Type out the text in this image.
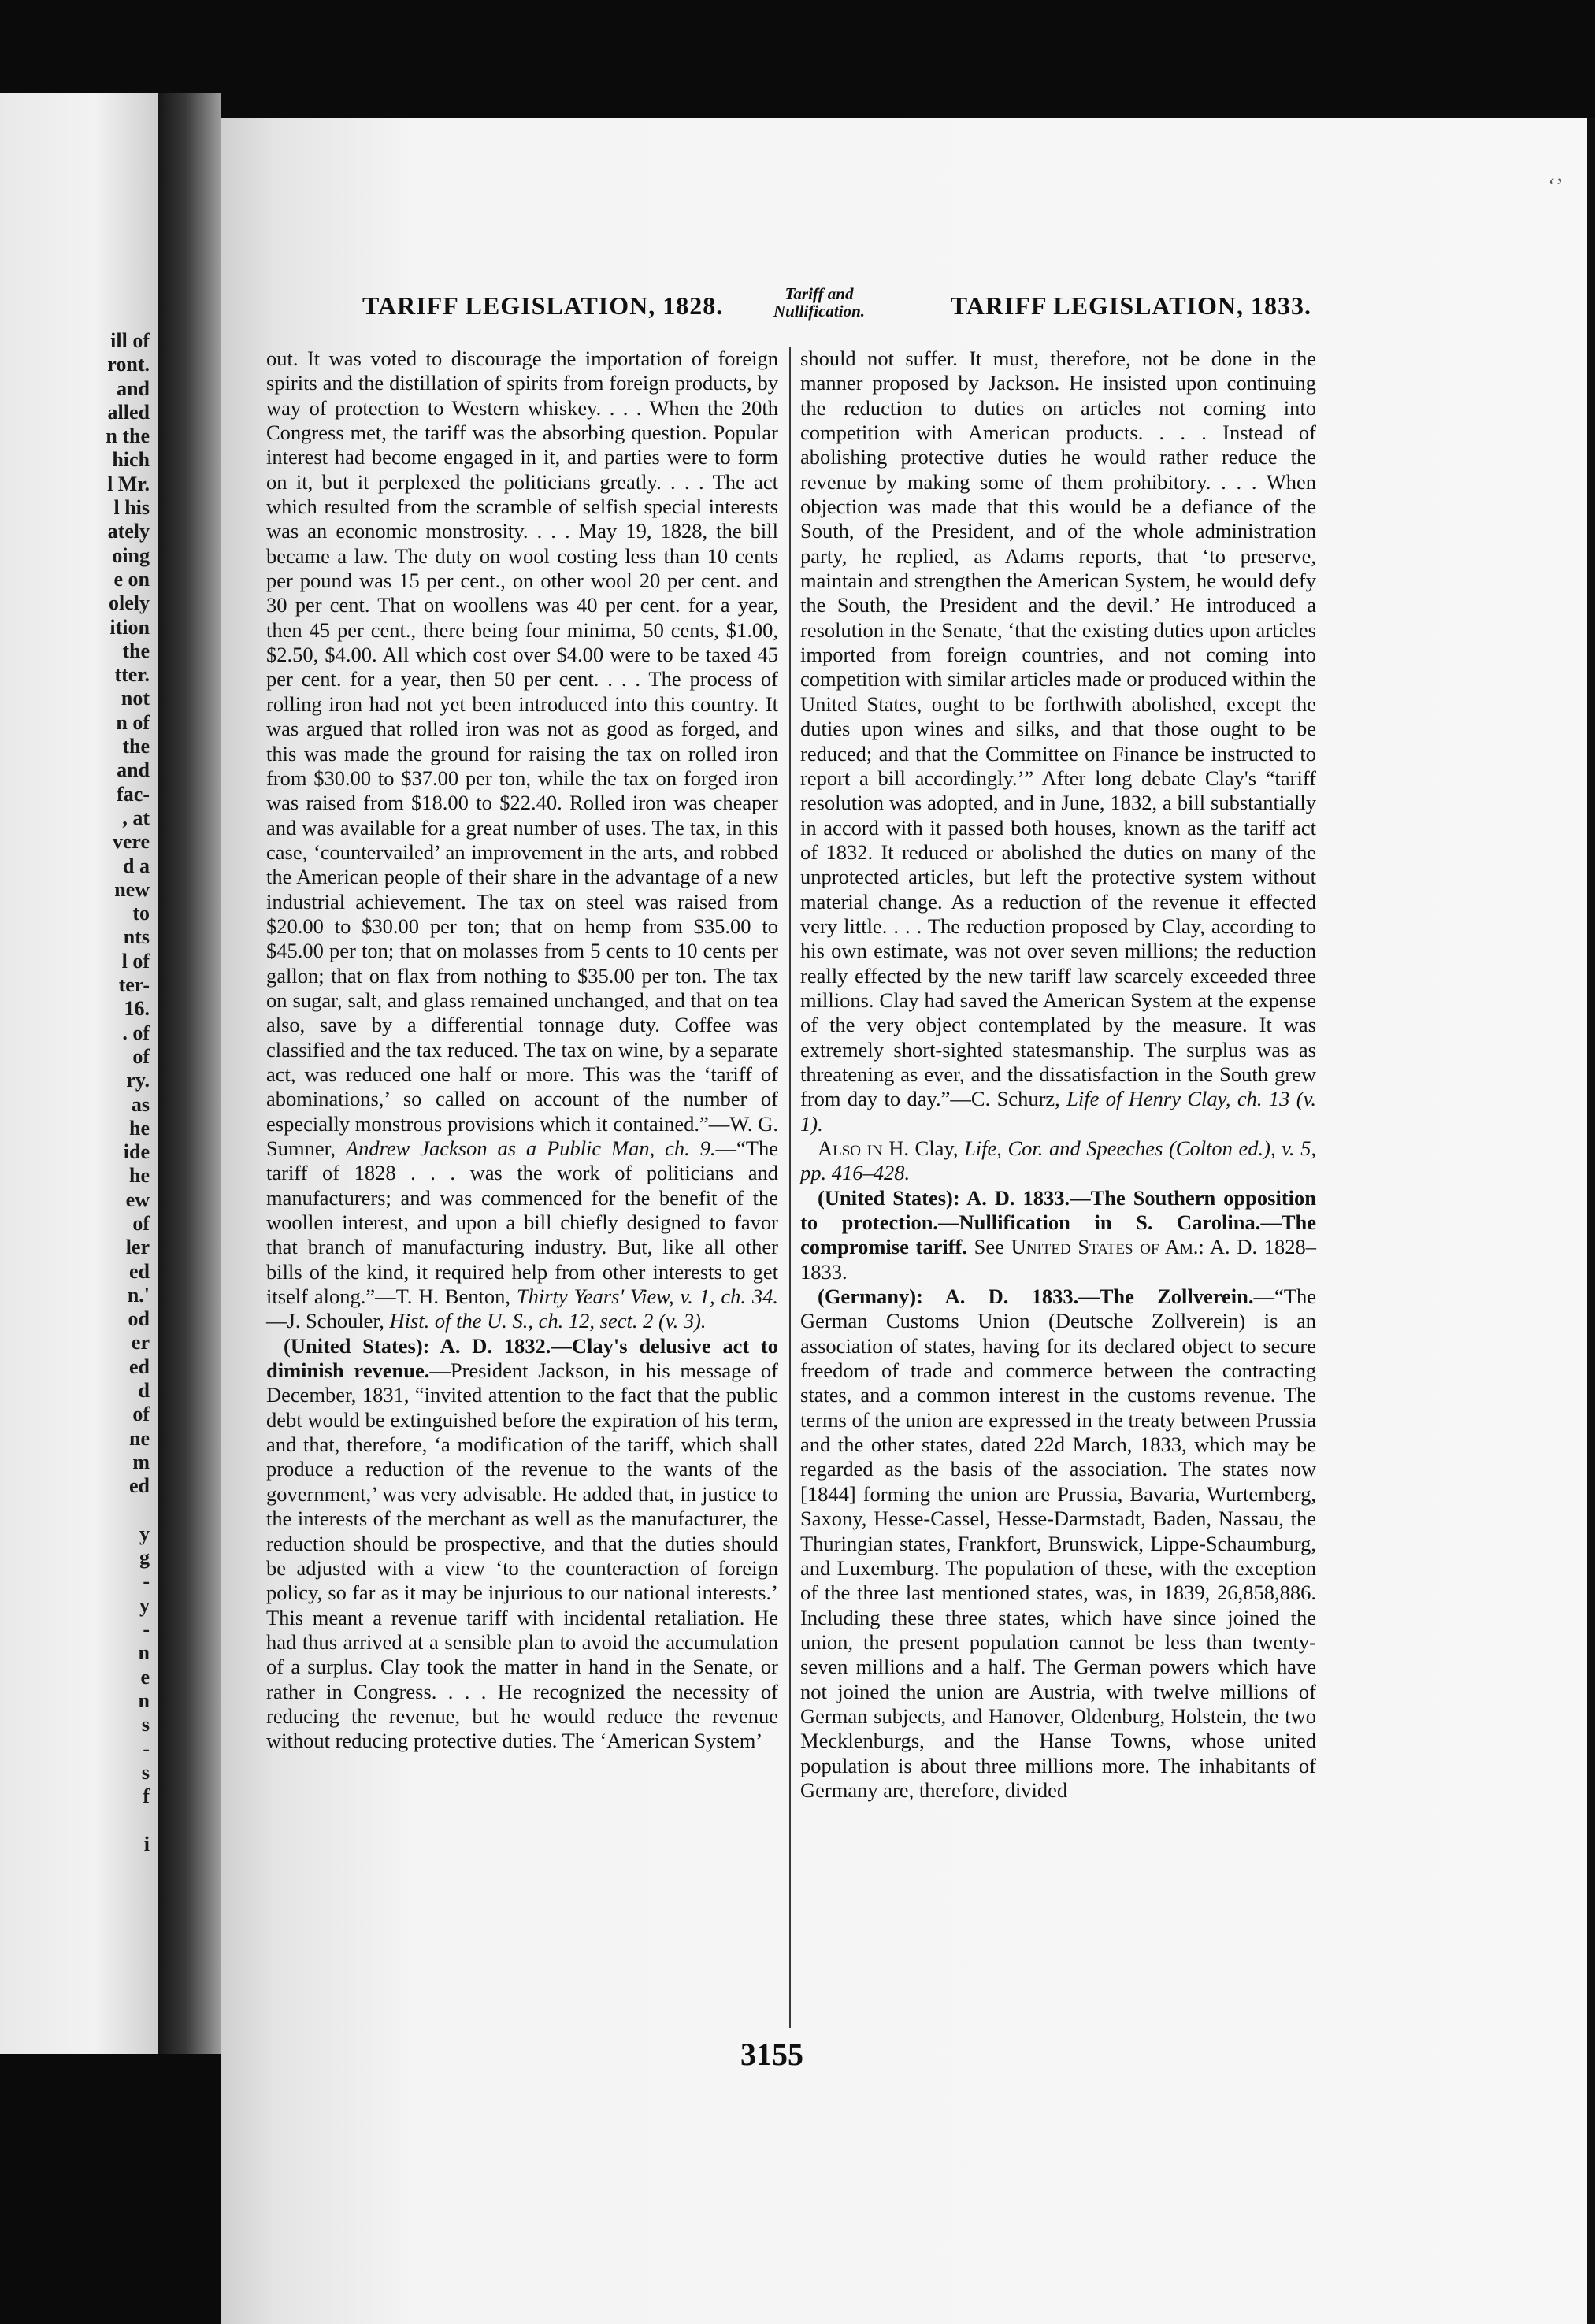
ill of
ront.
and
alled
n the
hich
l Mr.
l his
ately
oing
e on
olely
ition
the
tter.
not
n of
the
and
fac-
, at
vere
d a
new
to
nts
l of
ter-
16.
. of
of
ry.
as
he
ide
he
ew
of
ler
ed
n.'
od
er
ed
d
of
ne
m
ed

y
g
-
y
-
n
e
n
s
-
s
f

i

‘’
TARIFF LEGISLATION, 1828.	Tariff and
Nullification.	TARIFF LEGISLATION, 1833.

out. It was voted to discourage the importation of foreign spirits and the distillation of spirits from foreign products, by way of protection to Western whiskey. . . . When the 20th Congress met, the tariff was the absorbing question. Popular interest had become engaged in it, and parties were to form on it, but it perplexed the politicians greatly. . . . The act which resulted from the scramble of selfish special interests was an economic monstrosity. . . . May 19, 1828, the bill became a law. The duty on wool costing less than 10 cents per pound was 15 per cent., on other wool 20 per cent. and 30 per cent. That on woollens was 40 per cent. for a year, then 45 per cent., there being four minima, 50 cents, $1.00, $2.50, $4.00. All which cost over $4.00 were to be taxed 45 per cent. for a year, then 50 per cent. . . . The process of rolling iron had not yet been introduced into this country. It was argued that rolled iron was not as good as forged, and this was made the ground for raising the tax on rolled iron from $30.00 to $37.00 per ton, while the tax on forged iron was raised from $18.00 to $22.40. Rolled iron was cheaper and was available for a great number of uses. The tax, in this case, ‘countervailed’ an improvement in the arts, and robbed the American people of their share in the advantage of a new industrial achievement. The tax on steel was raised from $20.00 to $30.00 per ton; that on hemp from $35.00 to $45.00 per ton; that on molasses from 5 cents to 10 cents per gallon; that on flax from nothing to $35.00 per ton. The tax on sugar, salt, and glass remained unchanged, and that on tea also, save by a differential tonnage duty. Coffee was classified and the tax reduced. The tax on wine, by a separate act, was reduced one half or more. This was the ‘tariff of abominations,’ so called on account of the number of especially monstrous provisions which it contained.”—W. G. Sumner, Andrew Jackson as a Public Man, ch. 9.—“The tariff of 1828 . . . was the work of politicians and manufacturers; and was commenced for the benefit of the woollen interest, and upon a bill chiefly designed to favor that branch of manufacturing industry. But, like all other bills of the kind, it required help from other interests to get itself along.”—T. H. Benton, Thirty Years' View, v. 1, ch. 34.—J. Schouler, Hist. of the U. S., ch. 12, sect. 2 (v. 3).

(United States): A. D. 1832.—Clay's delusive act to diminish revenue.—President Jackson, in his message of December, 1831, “invited attention to the fact that the public debt would be extinguished before the expiration of his term, and that, therefore, ‘a modification of the tariff, which shall produce a reduction of the revenue to the wants of the government,’ was very advisable. He added that, in justice to the interests of the merchant as well as the manufacturer, the reduction should be prospective, and that the duties should be adjusted with a view ‘to the counteraction of foreign policy, so far as it may be injurious to our national interests.’ This meant a revenue tariff with incidental retaliation. He had thus arrived at a sensible plan to avoid the accumulation of a surplus. Clay took the matter in hand in the Senate, or rather in Congress. . . . He recognized the necessity of reducing the revenue, but he would reduce the revenue without reducing protective duties. The ‘American System’

should not suffer. It must, therefore, not be done in the manner proposed by Jackson. He insisted upon continuing the reduction to duties on articles not coming into competition with American products. . . . Instead of abolishing protective duties he would rather reduce the revenue by making some of them prohibitory. . . . When objection was made that this would be a defiance of the South, of the President, and of the whole administration party, he replied, as Adams reports, that ‘to preserve, maintain and strengthen the American System, he would defy the South, the President and the devil.’ He introduced a resolution in the Senate, ‘that the existing duties upon articles imported from foreign countries, and not coming into competition with similar articles made or produced within the United States, ought to be forthwith abolished, except the duties upon wines and silks, and that those ought to be reduced; and that the Committee on Finance be instructed to report a bill accordingly.’” After long debate Clay's “tariff resolution was adopted, and in June, 1832, a bill substantially in accord with it passed both houses, known as the tariff act of 1832. It reduced or abolished the duties on many of the unprotected articles, but left the protective system without material change. As a reduction of the revenue it effected very little. . . . The reduction proposed by Clay, according to his own estimate, was not over seven millions; the reduction really effected by the new tariff law scarcely exceeded three millions. Clay had saved the American System at the expense of the very object contemplated by the measure. It was extremely short-sighted statesmanship. The surplus was as threatening as ever, and the dissatisfaction in the South grew from day to day.”—C. Schurz, Life of Henry Clay, ch. 13 (v. 1).

Also in H. Clay, Life, Cor. and Speeches (Colton ed.), v. 5, pp. 416–428.

(United States): A. D. 1833.—The Southern opposition to protection.—Nullification in S. Carolina.—The compromise tariff. See United States of Am.: A. D. 1828–1833.

(Germany): A. D. 1833.—The Zollverein.—“The German Customs Union (Deutsche Zollverein) is an association of states, having for its declared object to secure freedom of trade and commerce between the contracting states, and a common interest in the customs revenue. The terms of the union are expressed in the treaty between Prussia and the other states, dated 22d March, 1833, which may be regarded as the basis of the association. The states now [1844] forming the union are Prussia, Bavaria, Wurtemberg, Saxony, Hesse-Cassel, Hesse-Darmstadt, Baden, Nassau, the Thuringian states, Frankfort, Brunswick, Lippe-Schaumburg, and Luxemburg. The population of these, with the exception of the three last mentioned states, was, in 1839, 26,858,886. Including these three states, which have since joined the union, the present population cannot be less than twenty-seven millions and a half. The German powers which have not joined the union are Austria, with twelve millions of German subjects, and Hanover, Oldenburg, Holstein, the two Mecklenburgs, and the Hanse Towns, whose united population is about three millions more. The inhabitants of Germany are, therefore, divided

3155
